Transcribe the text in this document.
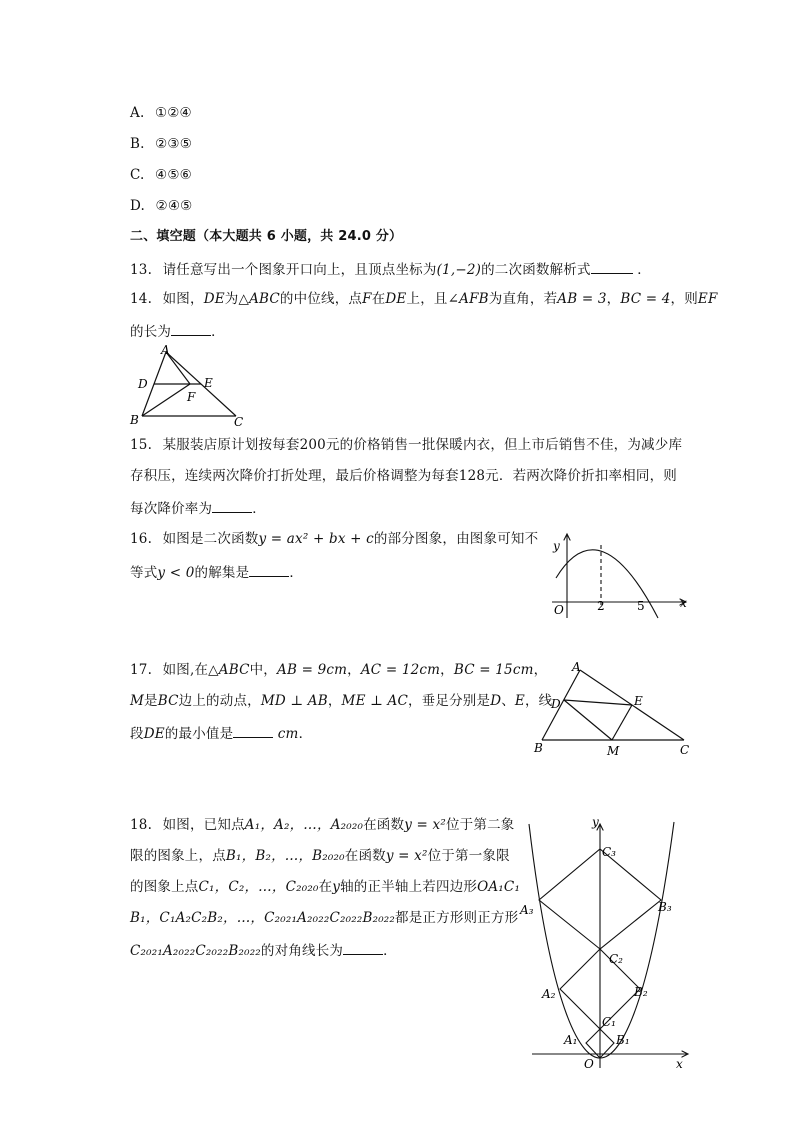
A. ①②④
B. ②③⑤
C. ④⑤⑥
D. ②④⑤
二、填空题（本大题共 6 小题，共 24.0 分）
13. 请任意写出一个图象开口向上，且顶点坐标为(1,−2)的二次函数解析式	．
14. 如图，DE为△ABC的中位线，点F在DE上，且∠AFB为直角，若AB = 3，BC = 4，则EF
的长为	．
A
D	E
F
B	C
15. 某服装店原计划按每套200元的价格销售一批保暖内衣，但上市后销售不佳，为减少库
存积压，连续两次降价打折处理，最后价格调整为每套128元．若两次降价折扣率相同，则
每次降价率为	．
16. 如图是二次函数y = ax² + bx + c的部分图象，由图象可知不
等式y < 0的解集是	．
y
x
O	2	5
17. 如图,在△ABC中，AB = 9cm，AC = 12cm，BC = 15cm，
M是BC边上的动点，MD ⊥ AB，ME ⊥ AC，垂足分别是D、E，线
段DE的最小值是	cm．
A
D	E
B	M	C
18. 如图，已知点A₁，A₂，…，A₂₀₂₀在函数y = x²位于第二象
限的图象上，点B₁，B₂，…，B₂₀₂₀在函数y = x²位于第一象限
的图象上点C₁，C₂，…，C₂₀₂₀在y轴的正半轴上若四边形OA₁C₁
B₁，C₁A₂C₂B₂，…，C₂₀₂₁A₂₀₂₂C₂₀₂₂B₂₀₂₂都是正方形则正方形
C₂₀₂₁A₂₀₂₂C₂₀₂₂B₂₀₂₂的对角线长为	．
y
x
O
C₃
A₃	B₃
C₂
A₂	B₂
C₁
A₁	B₁
